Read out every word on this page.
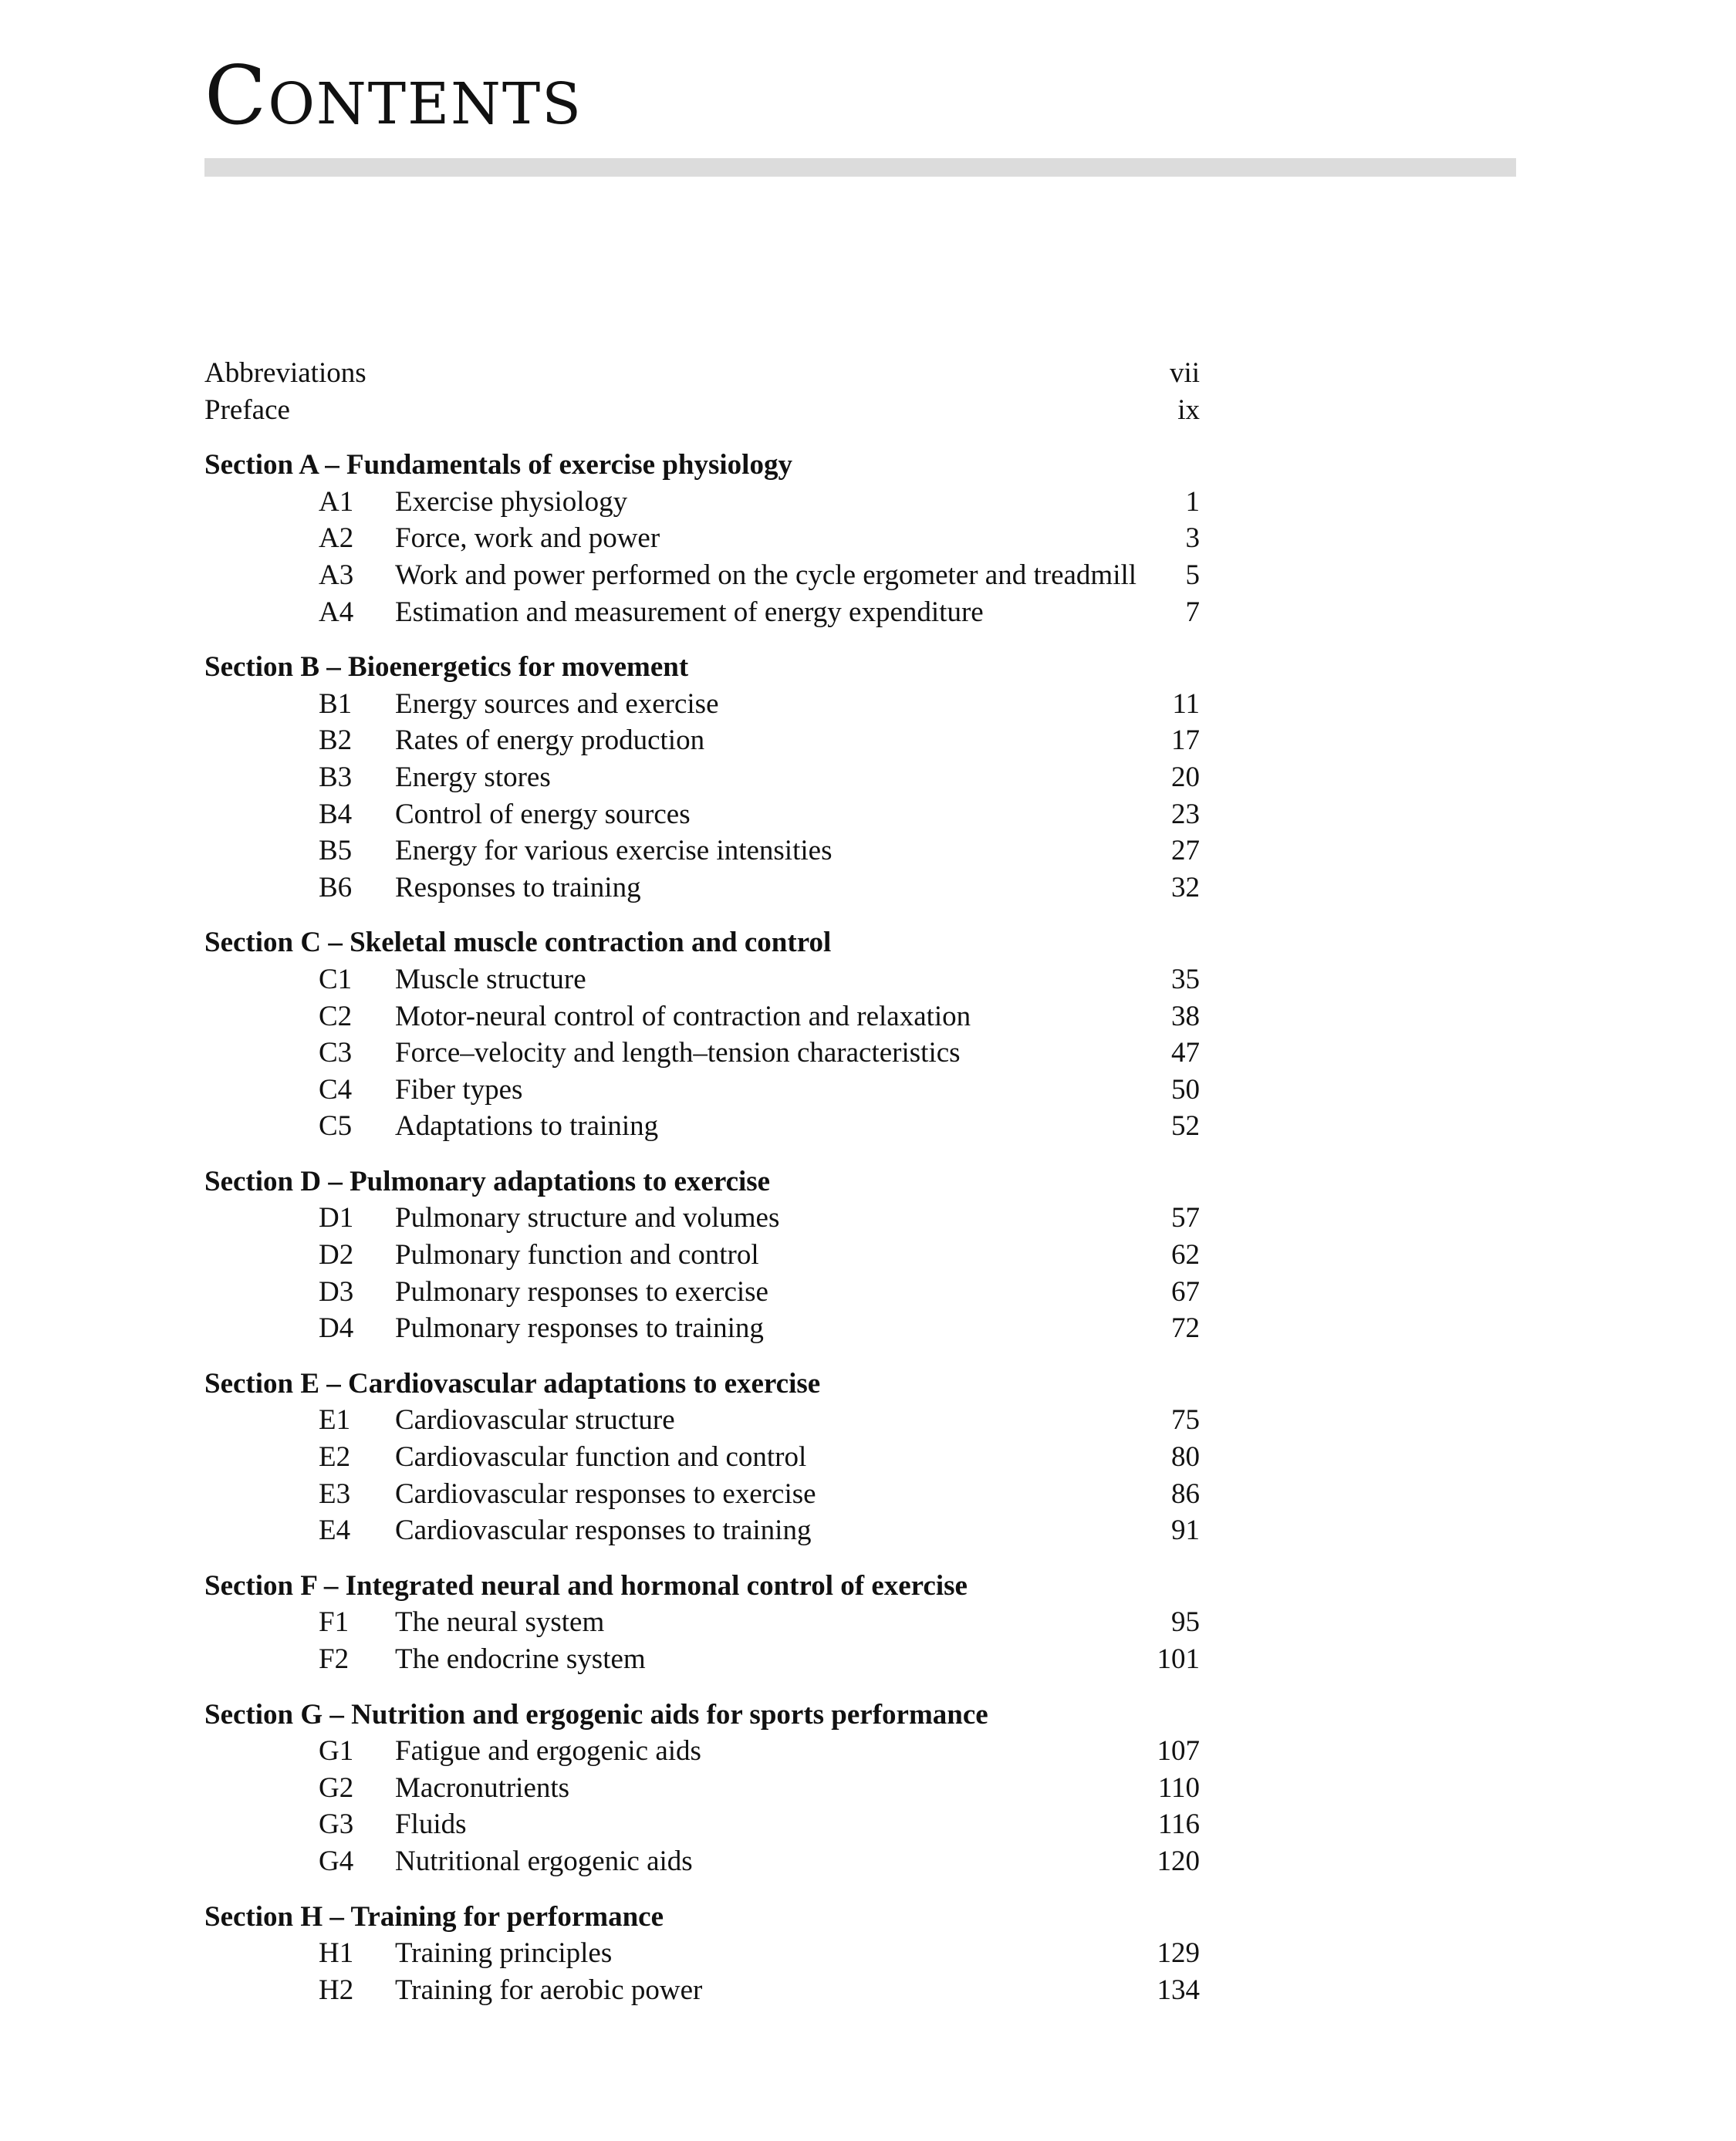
Contents
Abbreviations	vii
Preface	ix
Section A – Fundamentals of exercise physiology
A1 Exercise physiology	1
A2 Force, work and power	3
A3 Work and power performed on the cycle ergometer and treadmill	5
A4 Estimation and measurement of energy expenditure	7
Section B – Bioenergetics for movement
B1 Energy sources and exercise	11
B2 Rates of energy production	17
B3 Energy stores	20
B4 Control of energy sources	23
B5 Energy for various exercise intensities	27
B6 Responses to training	32
Section C – Skeletal muscle contraction and control
C1 Muscle structure	35
C2 Motor-neural control of contraction and relaxation	38
C3 Force–velocity and length–tension characteristics	47
C4 Fiber types	50
C5 Adaptations to training	52
Section D – Pulmonary adaptations to exercise
D1 Pulmonary structure and volumes	57
D2 Pulmonary function and control	62
D3 Pulmonary responses to exercise	67
D4 Pulmonary responses to training	72
Section E – Cardiovascular adaptations to exercise
E1 Cardiovascular structure	75
E2 Cardiovascular function and control	80
E3 Cardiovascular responses to exercise	86
E4 Cardiovascular responses to training	91
Section F – Integrated neural and hormonal control of exercise
F1 The neural system	95
F2 The endocrine system	101
Section G – Nutrition and ergogenic aids for sports performance
G1 Fatigue and ergogenic aids	107
G2 Macronutrients	110
G3 Fluids	116
G4 Nutritional ergogenic aids	120
Section H – Training for performance
H1 Training principles	129
H2 Training for aerobic power	134
